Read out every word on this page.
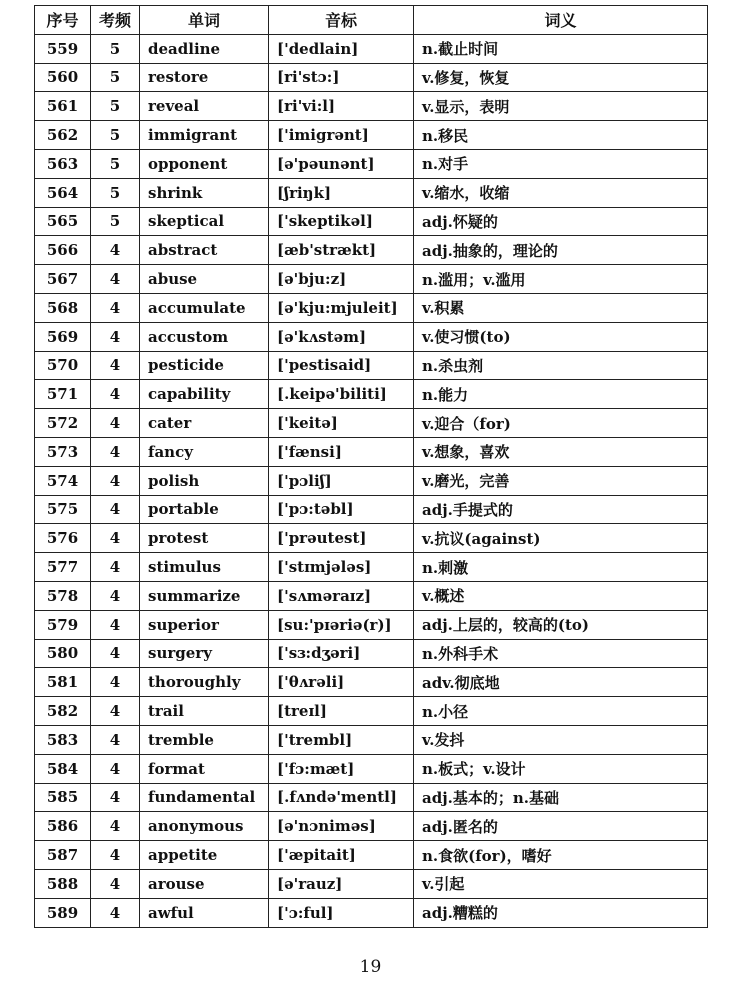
序号	考频	单词	音标	词义
559	5	deadline	['dedlain]	n.截止时间
560	5	restore	[ri'stɔ:]	v.修复，恢复
561	5	reveal	[ri'vi:l]	v.显示，表明
562	5	immigrant	['imigrənt]	n.移民
563	5	opponent	[ə'pəunənt]	n.对手
564	5	shrink	[ʃriŋk]	v.缩水，收缩
565	5	skeptical	['skeptikəl]	adj.怀疑的
566	4	abstract	[æb'strækt]	adj.抽象的，理论的
567	4	abuse	[ə'bju:z]	n.滥用；v.滥用
568	4	accumulate	[ə'kju:mjuleit]	v.积累
569	4	accustom	[ə'kʌstəm]	v.使习惯(to)
570	4	pesticide	['pestisaid]	n.杀虫剂
571	4	capability	[.keipə'biliti]	n.能力
572	4	cater	['keitə]	v.迎合（for)
573	4	fancy	['fænsi]	v.想象，喜欢
574	4	polish	['pɔliʃ]	v.磨光，完善
575	4	portable	['pɔ:təbl]	adj.手提式的
576	4	protest	['prəutest]	v.抗议(against)
577	4	stimulus	['stɪmjələs]	n.刺激
578	4	summarize	['sʌməraɪz]	v.概述
579	4	superior	[su:'pɪəriə(r)]	adj.上层的，较高的(to)
580	4	surgery	['sɜ:dʒəri]	n.外科手术
581	4	thoroughly	['θʌrəli]	adv.彻底地
582	4	trail	[treɪl]	n.小径
583	4	tremble	['trembl]	v.发抖
584	4	format	['fɔ:mæt]	n.板式；v.设计
585	4	fundamental	[.fʌndə'mentl]	adj.基本的；n.基础
586	4	anonymous	[ə'nɔniməs]	adj.匿名的
587	4	appetite	['æpitait]	n.食欲(for)，嗜好
588	4	arouse	[ə'rauz]	v.引起
589	4	awful	['ɔ:ful]	adj.糟糕的
19
